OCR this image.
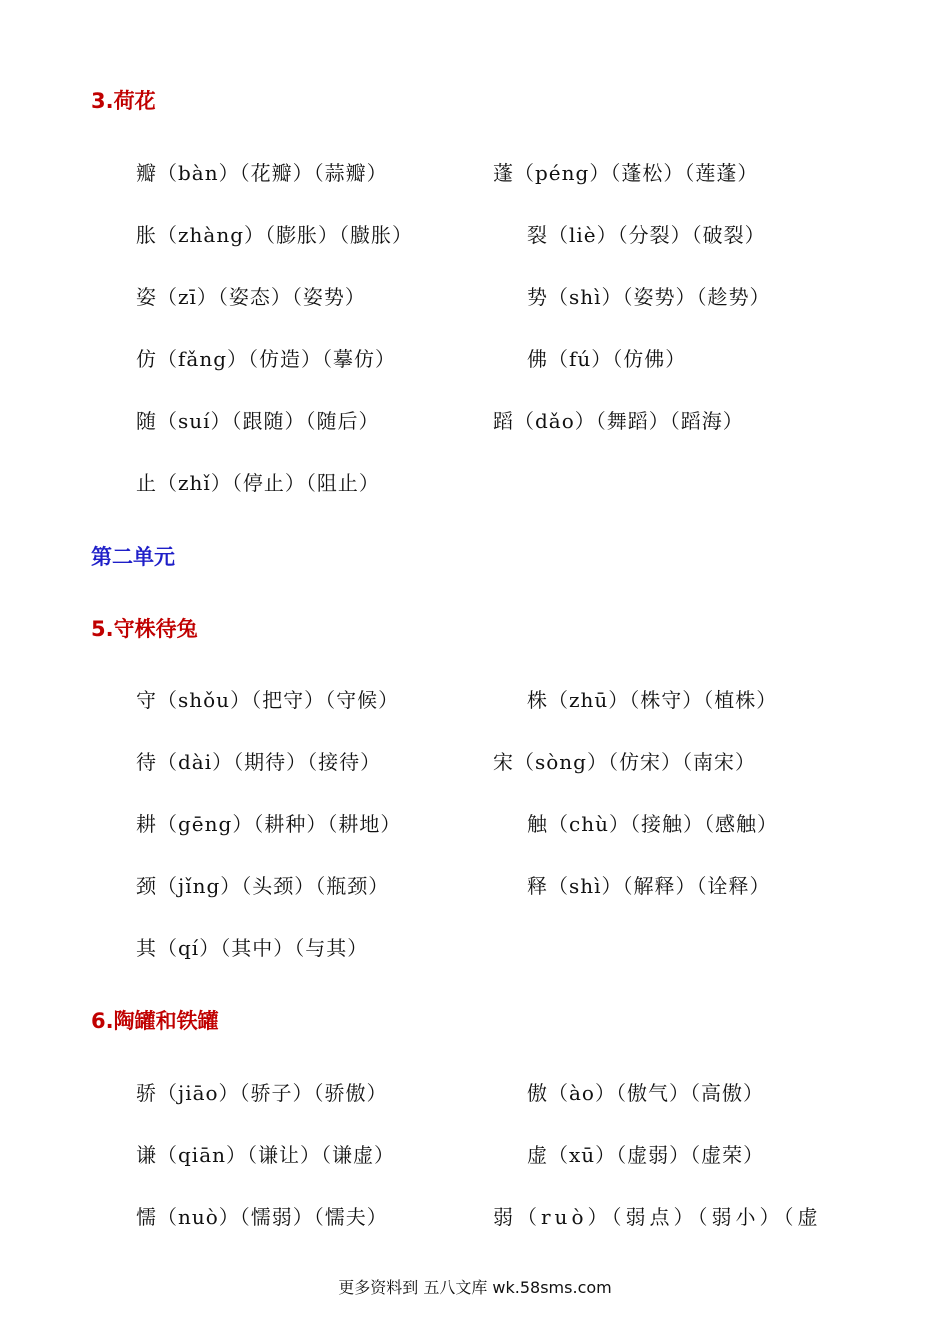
3.荷花
瓣（bàn）（花瓣）（蒜瓣）
胀（zhàng）（膨胀）（臌胀）
姿（zī）（姿态）（姿势）
仿（fǎng）（仿造）（摹仿）
随（suí）（跟随）（随后）
止（zhǐ）（停止）（阻止）
蓬（péng）（蓬松）（莲蓬）
裂（liè）（分裂）（破裂）
势（shì）（姿势）（趁势）
佛（fú）（仿佛）
蹈（dǎo）（舞蹈）（蹈海）
第二单元
5.守株待兔
守（shǒu）（把守）（守候）
待（dài）（期待）（接待）
耕（gēng）（耕种）（耕地）
颈（jǐng）（头颈）（瓶颈）
其（qí）（其中）（与其）
株（zhū）（株守）（植株）
宋（sòng）（仿宋）（南宋）
触（chù）（接触）（感触）
释（shì）（解释）（诠释）
6.陶罐和铁罐
骄（jiāo）（骄子）（骄傲）
谦（qiān）（谦让）（谦虚）
懦（nuò）（懦弱）（懦夫）
傲（ào）（傲气）（高傲）
虚（xū）（虚弱）（虚荣）
弱（ruò）（弱点）（弱小）（虚
更多资料到 五八文库 wk.58sms.com
